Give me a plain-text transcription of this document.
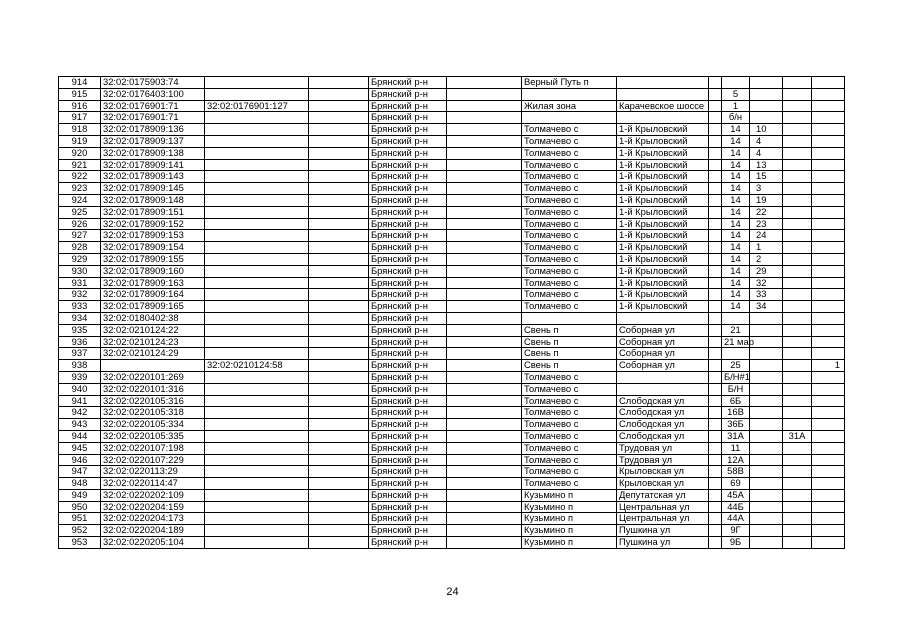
914	32:02:0175903:74			Брянский р-н		Верный Путь п						
915	32:02:0176403:100			Брянский р-н					5			
916	32:02:0176901:71	32:02:0176901:127		Брянский р-н		Жилая зона	Карачевское шоссе		1			
917	32:02:0176901:71			Брянский р-н					б/н			
918	32:02:0178909:136			Брянский р-н		Толмачево с	1-й Крыловский		14	10		
919	32:02:0178909:137			Брянский р-н		Толмачево с	1-й Крыловский		14	4		
920	32:02:0178909:138			Брянский р-н		Толмачево с	1-й Крыловский		14	4		
921	32:02:0178909:141			Брянский р-н		Толмачево с	1-й Крыловский		14	13		
922	32:02:0178909:143			Брянский р-н		Толмачево с	1-й Крыловский		14	15		
923	32:02:0178909:145			Брянский р-н		Толмачево с	1-й Крыловский		14	3		
924	32:02:0178909:148			Брянский р-н		Толмачево с	1-й Крыловский		14	19		
925	32:02:0178909:151			Брянский р-н		Толмачево с	1-й Крыловский		14	22		
926	32:02:0178909:152			Брянский р-н		Толмачево с	1-й Крыловский		14	23		
927	32:02:0178909:153			Брянский р-н		Толмачево с	1-й Крыловский		14	24		
928	32:02:0178909:154			Брянский р-н		Толмачево с	1-й Крыловский		14	1		
929	32:02:0178909:155			Брянский р-н		Толмачево с	1-й Крыловский		14	2		
930	32:02:0178909:160			Брянский р-н		Толмачево с	1-й Крыловский		14	29		
931	32:02:0178909:163			Брянский р-н		Толмачево с	1-й Крыловский		14	32		
932	32:02:0178909:164			Брянский р-н		Толмачево с	1-й Крыловский		14	33		
933	32:02:0178909:165			Брянский р-н		Толмачево с	1-й Крыловский		14	34		
934	32:02:0180402:38			Брянский р-н								
935	32:02:0210124:22			Брянский р-н		Свень п	Соборная ул		21			
936	32:02:0210124:23			Брянский р-н		Свень п	Соборная ул		21 мар			
937	32:02:0210124:29			Брянский р-н		Свень п	Соборная ул					
938		32:02:0210124:58		Брянский р-н		Свень п	Соборная ул		25			1
939	32:02:0220101:269			Брянский р-н		Толмачево с			Б/Н#1			
940	32:02:0220101:316			Брянский р-н		Толмачево с			Б/Н			
941	32:02:0220105:316			Брянский р-н		Толмачево с	Слободская ул		6Б			
942	32:02:0220105:318			Брянский р-н		Толмачево с	Слободская ул		16В			
943	32:02:0220105:334			Брянский р-н		Толмачево с	Слободская ул		36Б			
944	32:02:0220105:335			Брянский р-н		Толмачево с	Слободская ул		31А		31А	
945	32:02:0220107:198			Брянский р-н		Толмачево с	Трудовая ул		11			
946	32:02:0220107:229			Брянский р-н		Толмачево с	Трудовая ул		12А			
947	32:02:0220113:29			Брянский р-н		Толмачево с	Крыловская ул		58В			
948	32:02:0220114:47			Брянский р-н		Толмачево с	Крыловская ул		69			
949	32:02:0220202:109			Брянский р-н		Кузьмино п	Депутатская ул		45А			
950	32:02:0220204:159			Брянский р-н		Кузьмино п	Центральная ул		44Б			
951	32:02:0220204:173			Брянский р-н		Кузьмино п	Центральная ул		44А			
952	32:02:0220204:189			Брянский р-н		Кузьмино п	Пушкина ул		9Г			
953	32:02:0220205:104			Брянский р-н		Кузьмино п	Пушкина ул		9Б			
24
